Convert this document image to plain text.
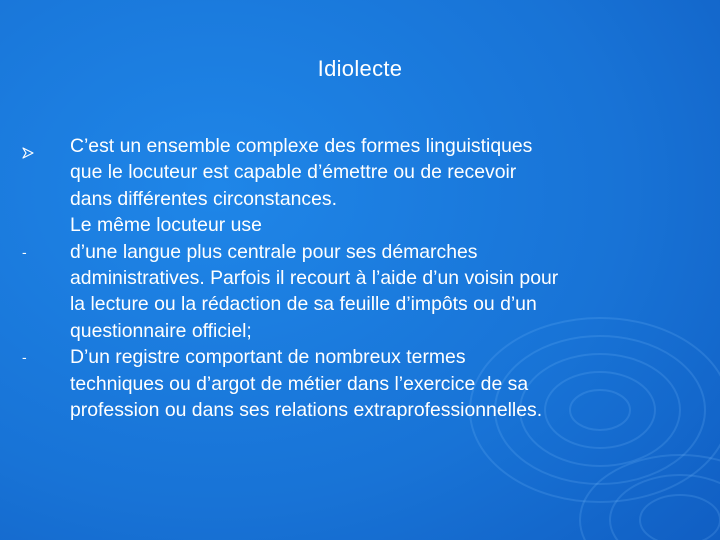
Idiolecte
C’est un ensemble complexe des formes linguistiques
que le locuteur est capable d’émettre ou de recevoir
dans différentes circonstances.
Le même locuteur use
-	d’une langue plus centrale pour ses démarches
administratives. Parfois il recourt à l’aide d’un voisin pour
la lecture ou la rédaction de sa feuille d’impôts ou d’un
questionnaire officiel;
-	D’un registre comportant de nombreux termes
techniques ou d’argot de métier dans l’exercice de sa
profession ou dans ses relations extraprofessionnelles.
